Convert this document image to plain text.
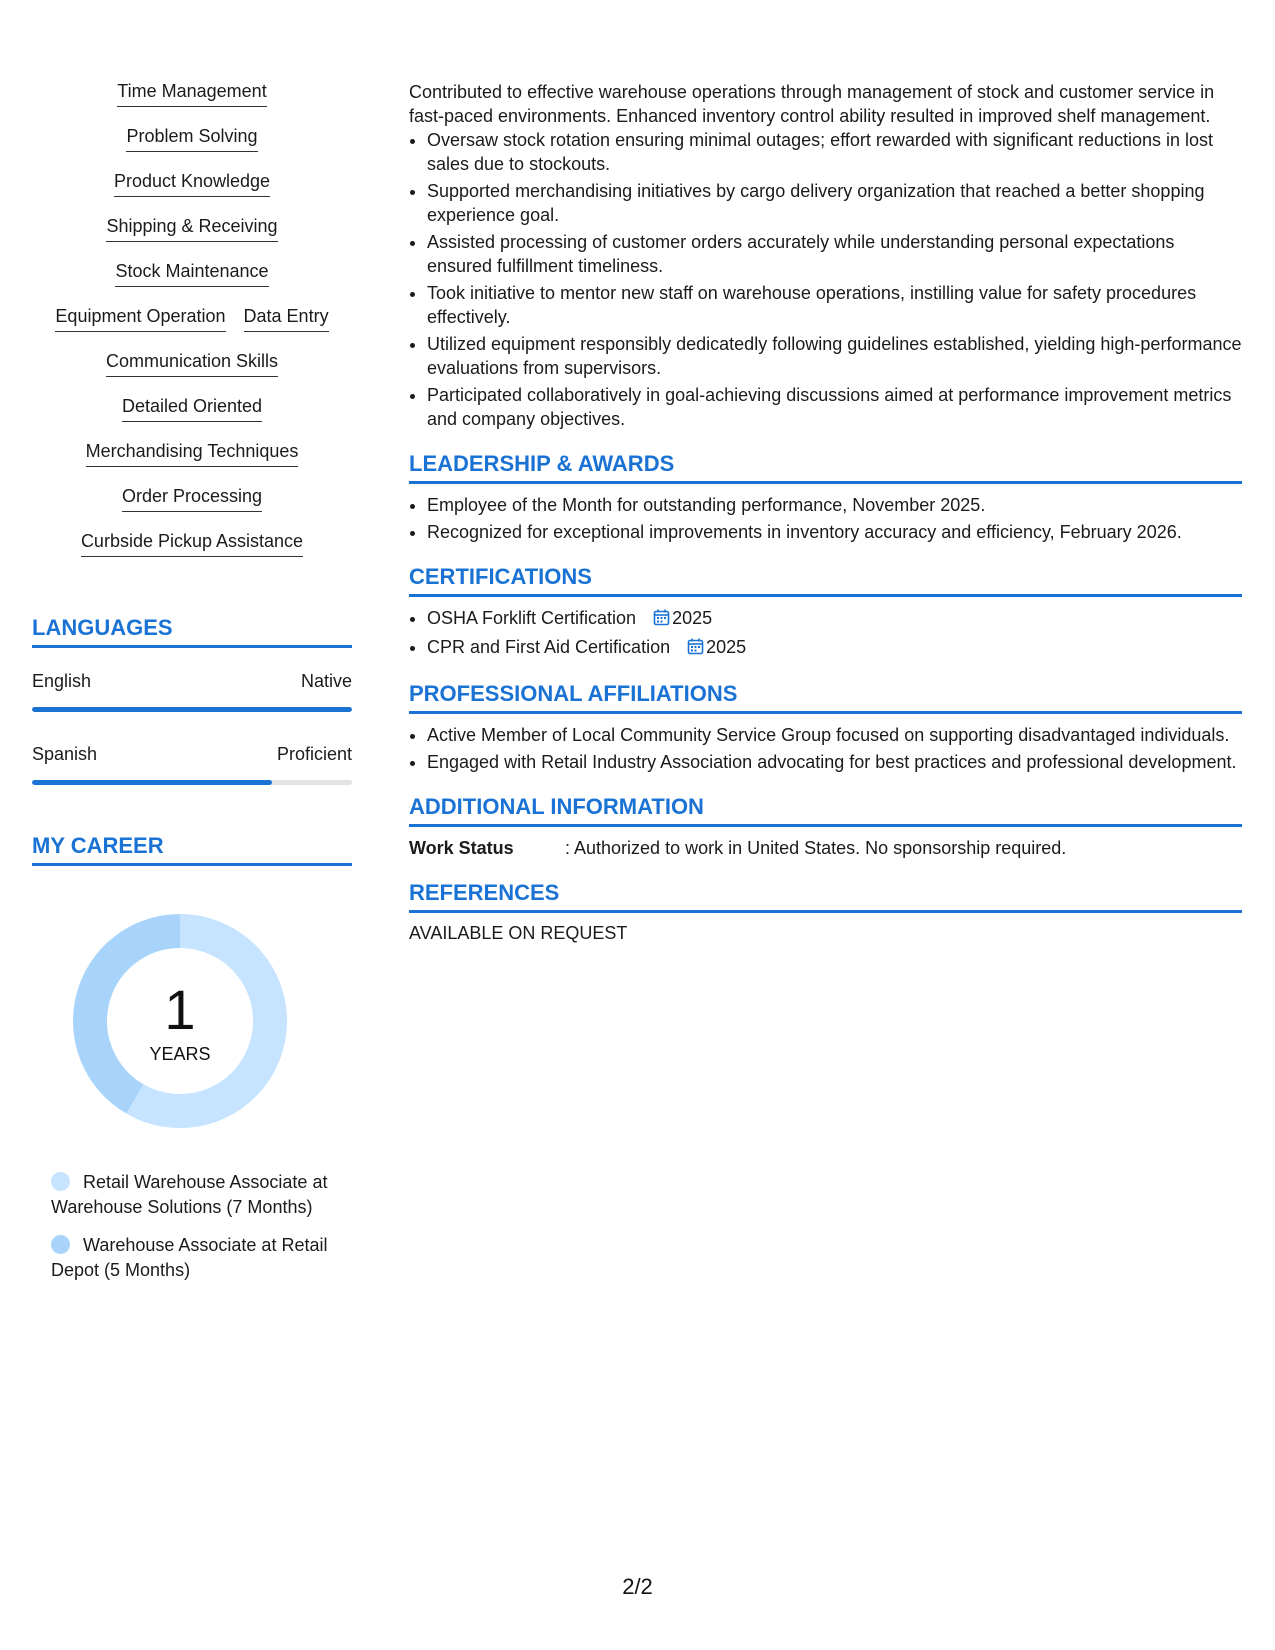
Time Management
Problem Solving
Product Knowledge
Shipping & Receiving
Stock Maintenance
Equipment Operation Data Entry
Communication Skills
Detailed Oriented
Merchandising Techniques
Order Processing
Curbside Pickup Assistance
LANGUAGES
English	Native
Spanish	Proficient
MY CAREER
1
YEARS
Retail Warehouse Associate at Warehouse Solutions (7 Months)
Warehouse Associate at Retail Depot (5 Months)

Contributed to effective warehouse operations through management of stock and customer service in fast-paced environments. Enhanced inventory control ability resulted in improved shelf management.

• Oversaw stock rotation ensuring minimal outages; effort rewarded with significant reductions in lost sales due to stockouts.
• Supported merchandising initiatives by cargo delivery organization that reached a better shopping experience goal.
• Assisted processing of customer orders accurately while understanding personal expectations ensured fulfillment timeliness.
• Took initiative to mentor new staff on warehouse operations, instilling value for safety procedures effectively.
• Utilized equipment responsibly dedicatedly following guidelines established, yielding high-performance evaluations from supervisors.
• Participated collaboratively in goal-achieving discussions aimed at performance improvement metrics and company objectives.
LEADERSHIP & AWARDS
• Employee of the Month for outstanding performance, November 2025.
• Recognized for exceptional improvements in inventory accuracy and efficiency, February 2026.
CERTIFICATIONS
• OSHA Forklift Certification 2025
• CPR and First Aid Certification 2025
PROFESSIONAL AFFILIATIONS
• Active Member of Local Community Service Group focused on supporting disadvantaged individuals.
• Engaged with Retail Industry Association advocating for best practices and professional development.
ADDITIONAL INFORMATION
Work Status	: Authorized to work in United States. No sponsorship required.
REFERENCES
AVAILABLE ON REQUEST
2/2
